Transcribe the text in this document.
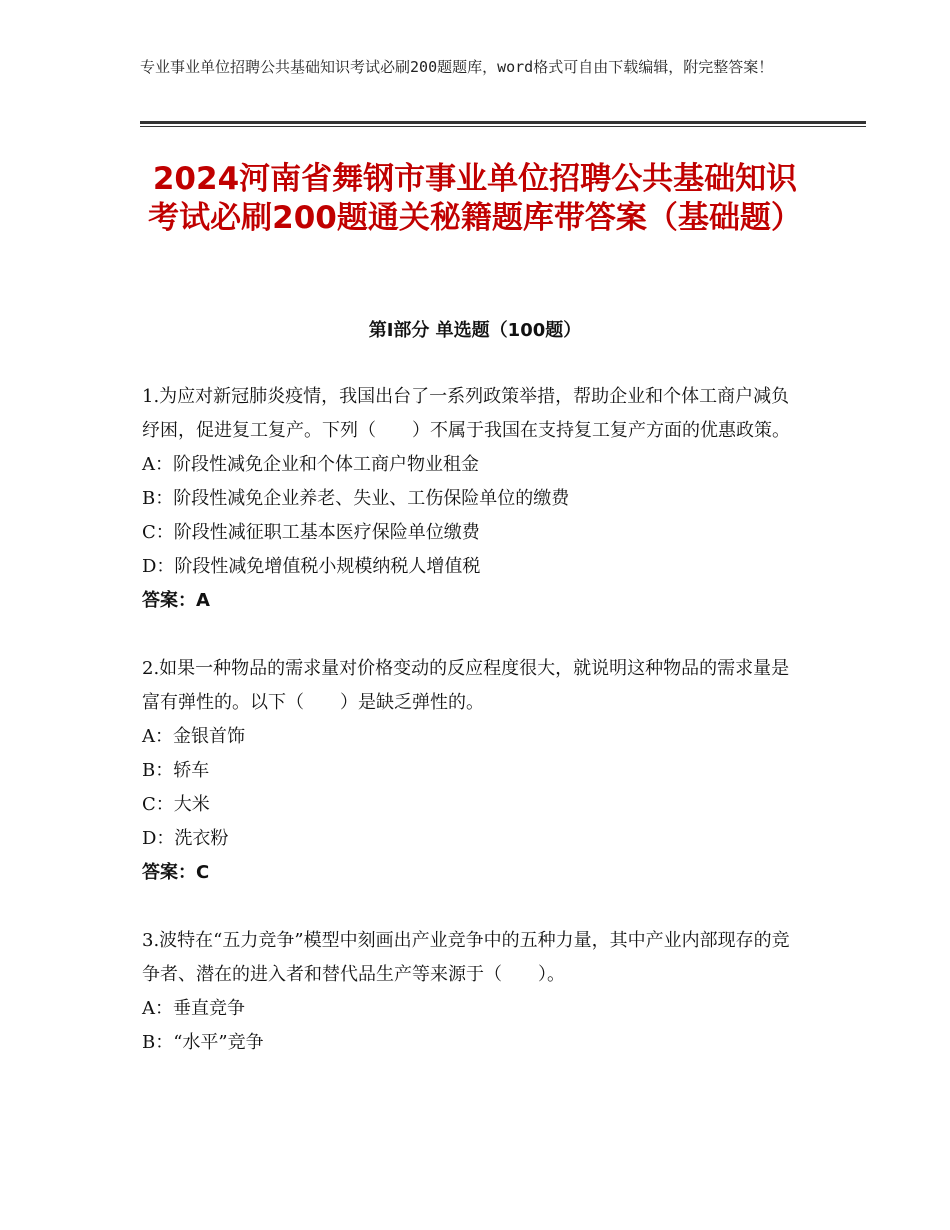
专业事业单位招聘公共基础知识考试必刷200题题库，word格式可自由下载编辑，附完整答案！
2024河南省舞钢市事业单位招聘公共基础知识考试必刷200题通关秘籍题库带答案（基础题）
第Ⅰ部分 单选题（100题）

1.为应对新冠肺炎疫情，我国出台了一系列政策举措，帮助企业和个体工商户减负纾困，促进复工复产。下列（　　）不属于我国在支持复工复产方面的优惠政策。

A：阶段性减免企业和个体工商户物业租金

B：阶段性减免企业养老、失业、工伤保险单位的缴费

C：阶段性减征职工基本医疗保险单位缴费

D：阶段性减免增值税小规模纳税人增值税

答案：A

2.如果一种物品的需求量对价格变动的反应程度很大，就说明这种物品的需求量是富有弹性的。以下（　　）是缺乏弹性的。

A：金银首饰

B：轿车

C：大米

D：洗衣粉

答案：C

3.波特在“五力竞争”模型中刻画出产业竞争中的五种力量，其中产业内部现存的竞争者、潜在的进入者和替代品生产等来源于（　　）。

A：垂直竞争

B：“水平”竞争
